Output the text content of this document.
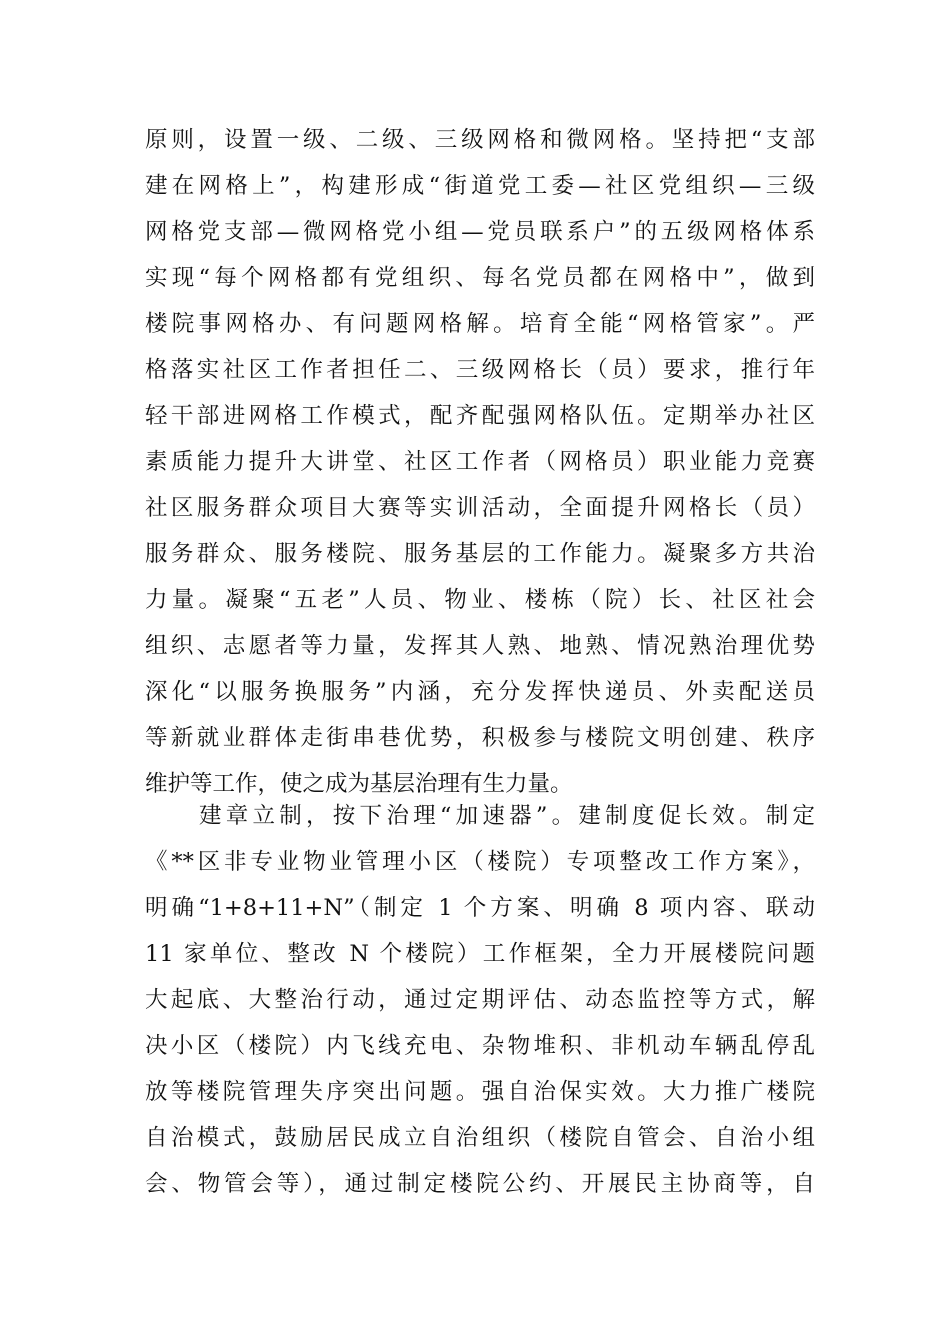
原则，设置一级、二级、三级网格和微网格。坚持把“支部
建在网格上”，构建形成“街道党工委—社区党组织—三级
网格党支部—微网格党小组—党员联系户”的五级网格体系
实现“每个网格都有党组织、每名党员都在网格中”，做到
楼院事网格办、有问题网格解。培育全能“网格管家”。严
格落实社区工作者担任二、三级网格长（员）要求，推行年
轻干部进网格工作模式，配齐配强网格队伍。定期举办社区
素质能力提升大讲堂、社区工作者（网格员）职业能力竞赛
社区服务群众项目大赛等实训活动，全面提升网格长（员）
服务群众、服务楼院、服务基层的工作能力。凝聚多方共治
力量。凝聚“五老”人员、物业、楼栋（院）长、社区社会
组织、志愿者等力量，发挥其人熟、地熟、情况熟治理优势
深化“以服务换服务”内涵，充分发挥快递员、外卖配送员
等新就业群体走街串巷优势，积极参与楼院文明创建、秩序
维护等工作，使之成为基层治理有生力量。
建章立制，按下治理“加速器”。建制度促长效。制定
《**区非专业物业管理小区（楼院）专项整改工作方案》，
明确“1+8+11+N”（制定 1 个方案、明确 8 项内容、联动
11 家单位、整改 N 个楼院）工作框架，全力开展楼院问题
大起底、大整治行动，通过定期评估、动态监控等方式，解
决小区（楼院）内飞线充电、杂物堆积、非机动车辆乱停乱
放等楼院管理失序突出问题。强自治保实效。大力推广楼院
自治模式，鼓励居民成立自治组织（楼院自管会、自治小组
会、物管会等），通过制定楼院公约、开展民主协商等，自
